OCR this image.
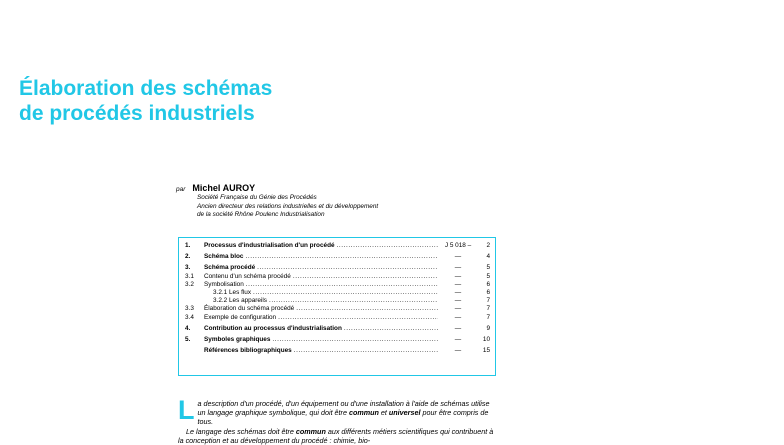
Élaboration des schémas
de procédés industriels
par Michel AUROY
Société Française du Génie des Procédés
Ancien directeur des relations industrielles et du développement
de la société Rhône Poulenc Industrialisation
1.	Processus d'industrialisation d'un procédé .....	J 5 018 –	2
2.	Schéma bloc .....	—	4
3.	Schéma procédé .....	—	5
3.1	Contenu d'un schéma procédé .....	—	5
3.2	Symbolisation .....	—	6
3.2.1 Les flux .....	—	6
3.2.2 Les appareils .....	—	7
3.3	Élaboration du schéma procédé .....	—	7
3.4	Exemple de configuration .....	—	7
4.	Contribution au processus d'industrialisation .....	—	9
5.	Symboles graphiques .....	—	10
Références bibliographiques .....	—	15
L a description d'un procédé, d'un équipement ou d'une installation à l'aide de schémas utilise un langage graphique symbolique, qui doit être commun et universel pour être compris de tous.

Le langage des schémas doit être commun aux différents métiers scientifiques qui contribuent à la conception et au développement du procédé : chimie, bio-
